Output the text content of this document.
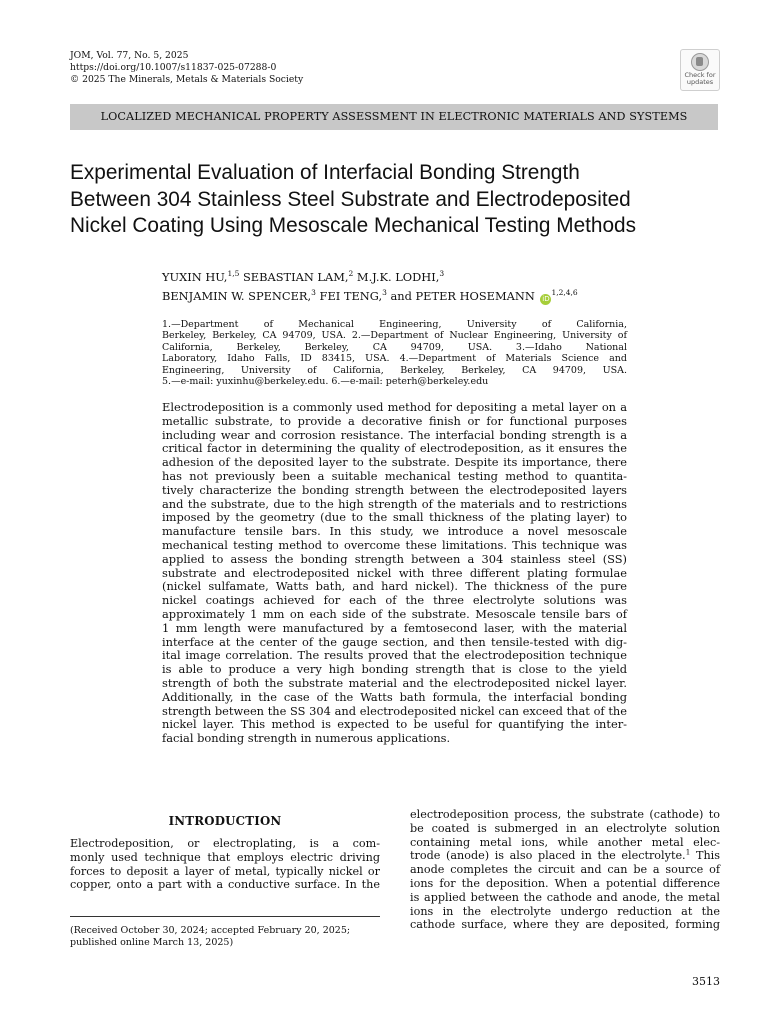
JOM, Vol. 77, No. 5, 2025
https://doi.org/10.1007/s11837-025-07288-0
© 2025 The Minerals, Metals & Materials Society	Check for
updates
LOCALIZED MECHANICAL PROPERTY ASSESSMENT IN ELECTRONIC MATERIALS AND SYSTEMS
Experimental Evaluation of Interfacial Bonding Strength
Between 304 Stainless Steel Substrate and Electrodeposited
Nickel Coating Using Mesoscale Mechanical Testing Methods
YUXIN HU,$^{1,5}$ SEBASTIAN LAM,$^2$ M.J.K. LODHI,$^3$
BENJAMIN W. SPENCER,$^3$ FEI TENG,$^3$ and PETER HOSEMANN iD$^{1,2,4,6}$
1.—Department of Mechanical Engineering, University of California,
Berkeley, Berkeley, CA 94709, USA. 2.—Department of Nuclear Engineering, University of
California, Berkeley, Berkeley, CA 94709, USA. 3.—Idaho National
Laboratory, Idaho Falls, ID 83415, USA. 4.—Department of Materials Science and
Engineering, University of California, Berkeley, Berkeley, CA 94709, USA.
5.—e-mail: yuxinhu@berkeley.edu. 6.—e-mail: peterh@berkeley.edu
Electrodeposition is a commonly used method for depositing a metal layer on a
metallic substrate, to provide a decorative finish or for functional purposes
including wear and corrosion resistance. The interfacial bonding strength is a
critical factor in determining the quality of electrodeposition, as it ensures the
adhesion of the deposited layer to the substrate. Despite its importance, there
has not previously been a suitable mechanical testing method to quantita-
tively characterize the bonding strength between the electrodeposited layers
and the substrate, due to the high strength of the materials and to restrictions
imposed by the geometry (due to the small thickness of the plating layer) to
manufacture tensile bars. In this study, we introduce a novel mesoscale
mechanical testing method to overcome these limitations. This technique was
applied to assess the bonding strength between a 304 stainless steel (SS)
substrate and electrodeposited nickel with three different plating formulae
(nickel sulfamate, Watts bath, and hard nickel). The thickness of the pure
nickel coatings achieved for each of the three electrolyte solutions was
approximately 1 mm on each side of the substrate. Mesoscale tensile bars of
1 mm length were manufactured by a femtosecond laser, with the material
interface at the center of the gauge section, and then tensile-tested with dig-
ital image correlation. The results proved that the electrodeposition technique
is able to produce a very high bonding strength that is close to the yield
strength of both the substrate material and the electrodeposited nickel layer.
Additionally, in the case of the Watts bath formula, the interfacial bonding
strength between the SS 304 and electrodeposited nickel can exceed that of the
nickel layer. This method is expected to be useful for quantifying the inter-
facial bonding strength in numerous applications.
INTRODUCTION
Electrodeposition, or electroplating, is a com-
monly used technique that employs electric driving
forces to deposit a layer of metal, typically nickel or
copper, onto a part with a conductive surface. In the
(Received October 30, 2024; accepted February 20, 2025;
published online March 13, 2025)
electrodeposition process, the substrate (cathode) to
be coated is submerged in an electrolyte solution
containing metal ions, while another metal elec-
trode (anode) is also placed in the electrolyte.$^1$ This
anode completes the circuit and can be a source of
ions for the deposition. When a potential difference
is applied between the cathode and anode, the metal
ions in the electrolyte undergo reduction at the
cathode surface, where they are deposited, forming
3513
